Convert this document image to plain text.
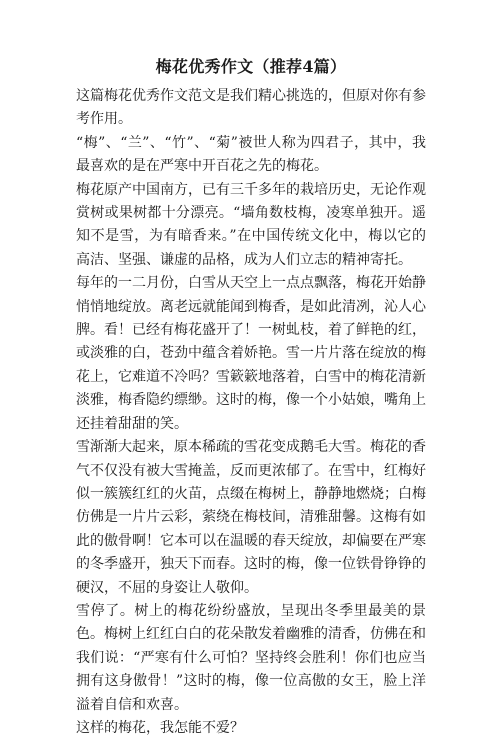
梅花优秀作文（推荐4篇）

这篇梅花优秀作文范文是我们精心挑选的，但原对你有参考作用。

“梅”、“兰”、“竹”、“菊”被世人称为四君子，其中，我最喜欢的是在严寒中开百花之先的梅花。

梅花原产中国南方，已有三千多年的栽培历史，无论作观赏树或果树都十分漂亮。“墙角数枝梅，凌寒单独开。遥知不是雪，为有暗香来。”在中国传统文化中，梅以它的高洁、坚强、谦虚的品格，成为人们立志的精神寄托。

每年的一二月份，白雪从天空上一点点飘落，梅花开始静悄悄地绽放。离老远就能闻到梅香，是如此清冽，沁人心脾。看！已经有梅花盛开了！一树虬枝，着了鲜艳的红，或淡雅的白，苍劲中蕴含着娇艳。雪一片片落在绽放的梅花上，它难道不冷吗？雪簌簌地落着，白雪中的梅花清新淡雅，梅香隐约缥缈。这时的梅，像一个小姑娘，嘴角上还挂着甜甜的笑。

雪渐渐大起来，原本稀疏的雪花变成鹅毛大雪。梅花的香气不仅没有被大雪掩盖，反而更浓郁了。在雪中，红梅好似一簇簇红红的火苗，点缀在梅树上，静静地燃烧；白梅仿佛是一片片云彩，萦绕在梅枝间，清雅甜馨。这梅有如此的傲骨啊！它本可以在温暖的春天绽放，却偏要在严寒的冬季盛开，独天下而春。这时的梅，像一位铁骨铮铮的硬汉，不屈的身姿让人敬仰。

雪停了。树上的梅花纷纷盛放，呈现出冬季里最美的景色。梅树上红红白白的花朵散发着幽雅的清香，仿佛在和我们说：“严寒有什么可怕？坚持终会胜利！你们也应当拥有这身傲骨！”这时的梅，像一位高傲的女王，脸上洋溢着自信和欢喜。

这样的梅花，我怎能不爱？
